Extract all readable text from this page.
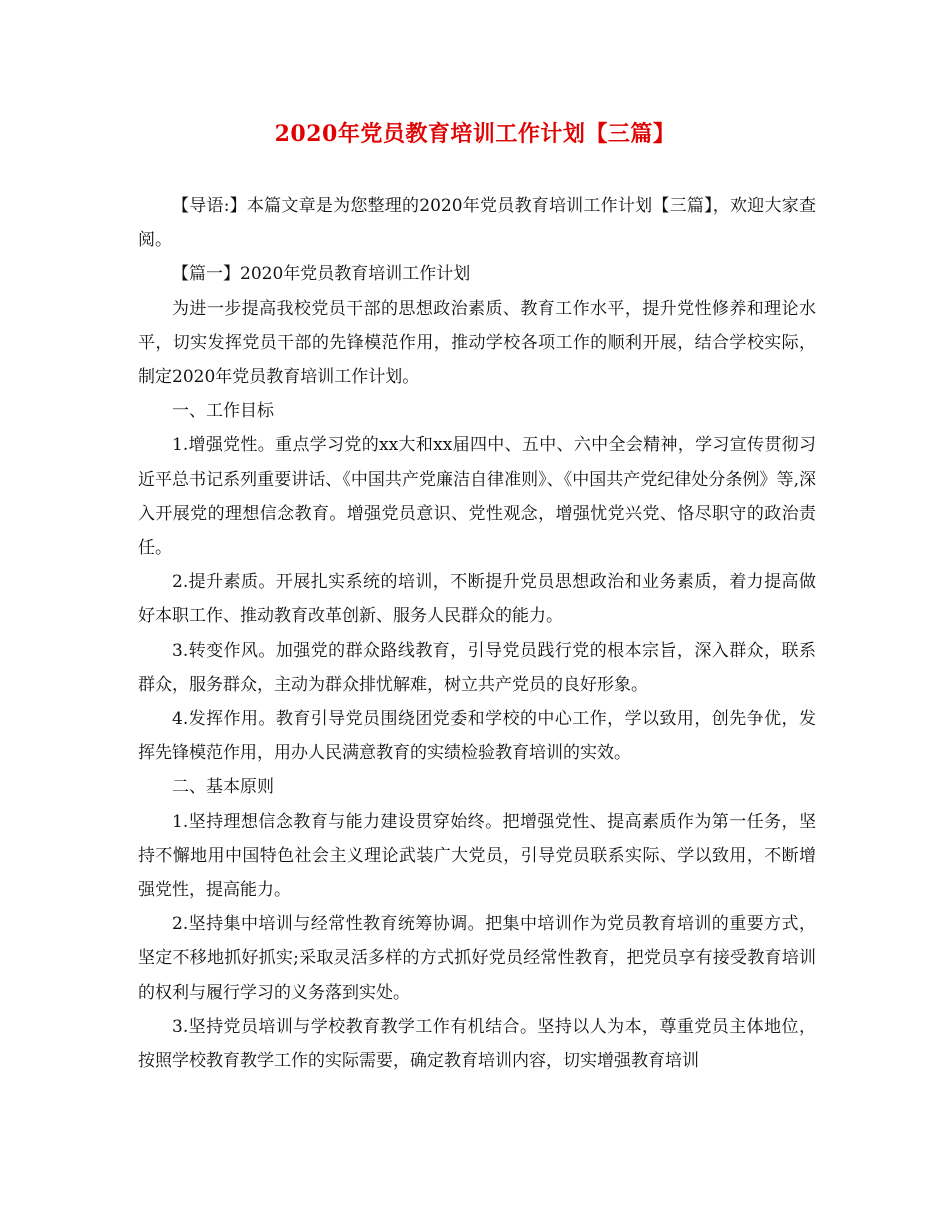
2020年党员教育培训工作计划【三篇】

【导语:】本篇文章是为您整理的2020年党员教育培训工作计划【三篇】，欢迎大家查阅。

【篇一】2020年党员教育培训工作计划

为进一步提高我校党员干部的思想政治素质、教育工作水平，提升党性修养和理论水平，切实发挥党员干部的先锋模范作用，推动学校各项工作的顺利开展，结合学校实际，制定2020年党员教育培训工作计划。

一、工作目标

1.增强党性。重点学习党的xx大和xx届四中、五中、六中全会精神，学习宣传贯彻习近平总书记系列重要讲话、《中国共产党廉洁自律准则》、《中国共产党纪律处分条例》等,深入开展党的理想信念教育。增强党员意识、党性观念，增强忧党兴党、恪尽职守的政治责任。

2.提升素质。开展扎实系统的培训，不断提升党员思想政治和业务素质，着力提高做好本职工作、推动教育改革创新、服务人民群众的能力。

3.转变作风。加强党的群众路线教育，引导党员践行党的根本宗旨，深入群众，联系群众，服务群众，主动为群众排忧解难，树立共产党员的良好形象。

4.发挥作用。教育引导党员围绕团党委和学校的中心工作，学以致用，创先争优，发挥先锋模范作用，用办人民满意教育的实绩检验教育培训的实效。

二、基本原则

1.坚持理想信念教育与能力建设贯穿始终。把增强党性、提高素质作为第一任务，坚持不懈地用中国特色社会主义理论武装广大党员，引导党员联系实际、学以致用，不断增强党性，提高能力。

2.坚持集中培训与经常性教育统筹协调。把集中培训作为党员教育培训的重要方式，坚定不移地抓好抓实;采取灵活多样的方式抓好党员经常性教育，把党员享有接受教育培训的权利与履行学习的义务落到实处。

3.坚持党员培训与学校教育教学工作有机结合。坚持以人为本，尊重党员主体地位，按照学校教育教学工作的实际需要，确定教育培训内容，切实增强教育培训
